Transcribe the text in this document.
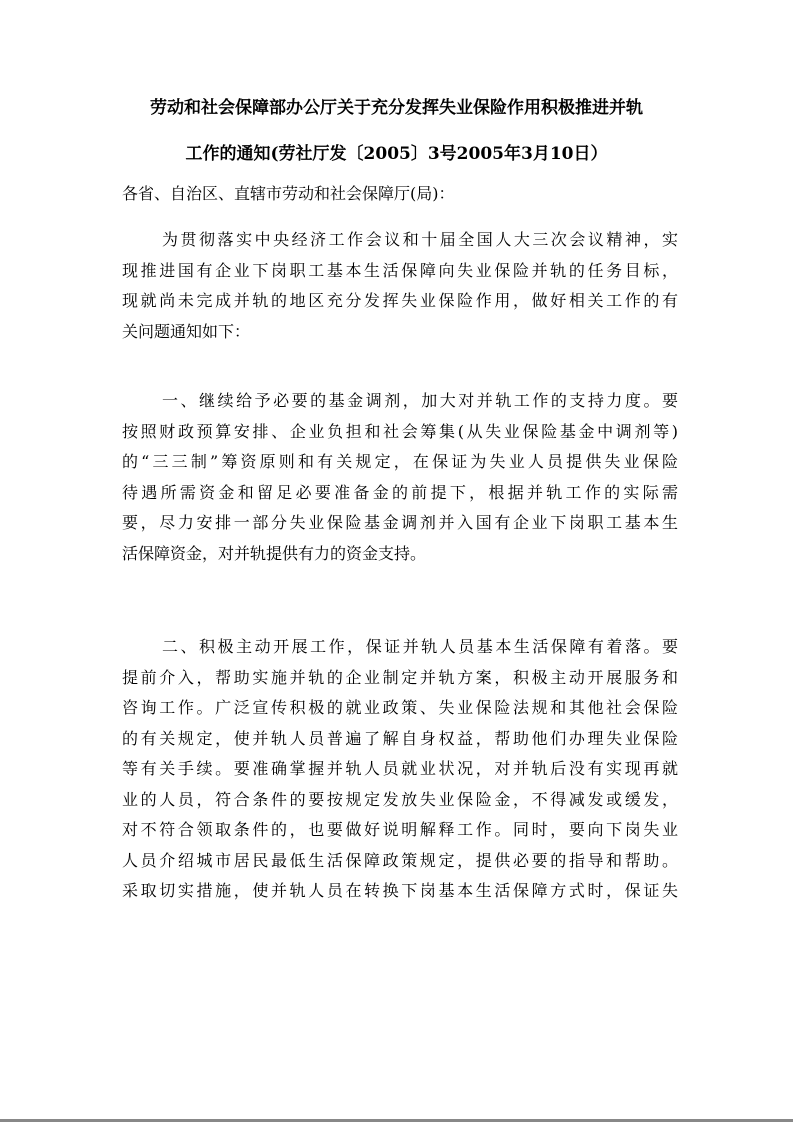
劳动和社会保障部办公厅关于充分发挥失业保险作用积极推进并轨
工作的通知(劳社厅发〔2005〕3号2005年3月10日）
各省、自治区、直辖市劳动和社会保障厅(局)：
为贯彻落实中央经济工作会议和十届全国人大三次会议精神，实
现推进国有企业下岗职工基本生活保障向失业保险并轨的任务目标，
现就尚未完成并轨的地区充分发挥失业保险作用，做好相关工作的有
关问题通知如下：
一、继续给予必要的基金调剂，加大对并轨工作的支持力度。要
按照财政预算安排、企业负担和社会筹集(从失业保险基金中调剂等)
的“三三制”筹资原则和有关规定，在保证为失业人员提供失业保险
待遇所需资金和留足必要准备金的前提下，根据并轨工作的实际需
要，尽力安排一部分失业保险基金调剂并入国有企业下岗职工基本生
活保障资金，对并轨提供有力的资金支持。
二、积极主动开展工作，保证并轨人员基本生活保障有着落。要
提前介入，帮助实施并轨的企业制定并轨方案，积极主动开展服务和
咨询工作。广泛宣传积极的就业政策、失业保险法规和其他社会保险
的有关规定，使并轨人员普遍了解自身权益，帮助他们办理失业保险
等有关手续。要准确掌握并轨人员就业状况，对并轨后没有实现再就
业的人员，符合条件的要按规定发放失业保险金，不得减发或缓发，
对不符合领取条件的，也要做好说明解释工作。同时，要向下岗失业
人员介绍城市居民最低生活保障政策规定，提供必要的指导和帮助。
采取切实措施，使并轨人员在转换下岗基本生活保障方式时，保证失
